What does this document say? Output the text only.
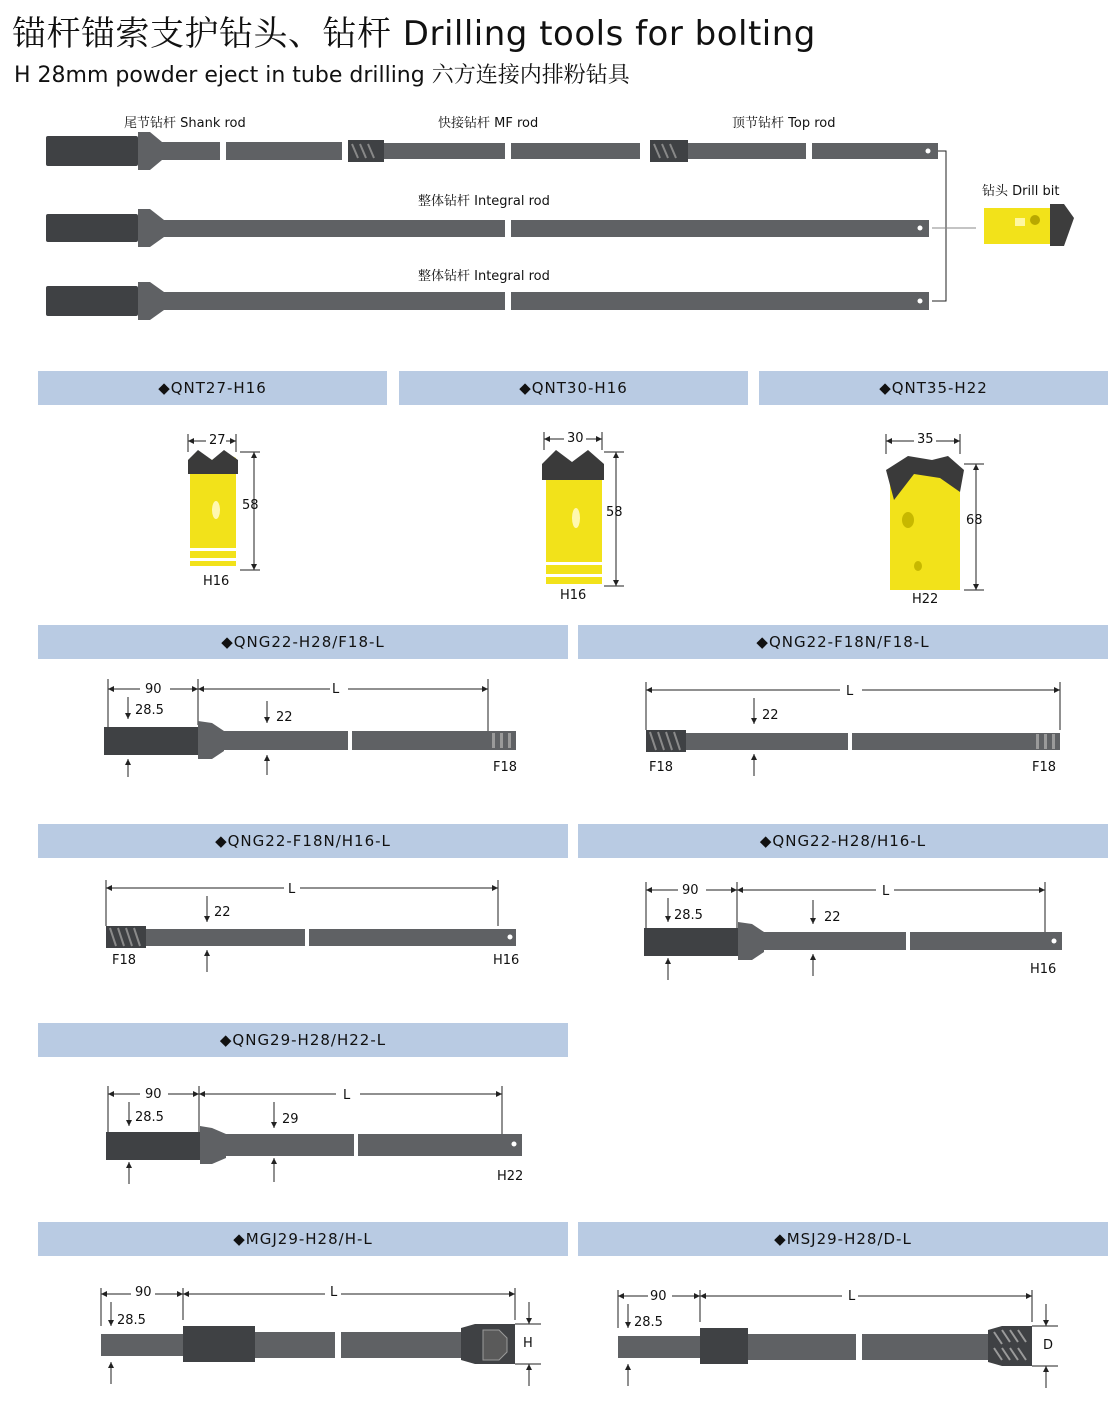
锚杆锚索支护钻头、钻杆 Drilling tools for bolting
H 28mm powder eject in tube drilling 六方连接内排粉钻具
尾节钻杆 Shank rod	快接钻杆 MF rod	顶节钻杆 Top rod
整体钻杆 Integral rod
整体钻杆 Integral rod
钻头 Drill bit
◆QNT27-H16	◆QNT30-H16	◆QNT35-H22
27
58
H16
30
58
H16
35
68
H22
◆QNG22-H28/F18-L	◆QNG22-F18N/F18-L
90
28.5	22
L
F18
22
L
F18	F18
◆QNG22-F18N/H16-L	◆QNG22-H28/H16-L
22
L
F18	H16
90
28.5	22
L
H16
◆QNG29-H28/H22-L
90
28.5	29
L
H22
◆MGJ29-H28/H-L	◆MSJ29-H28/D-L
90
28.5
L
H
90
28.5
L
D
